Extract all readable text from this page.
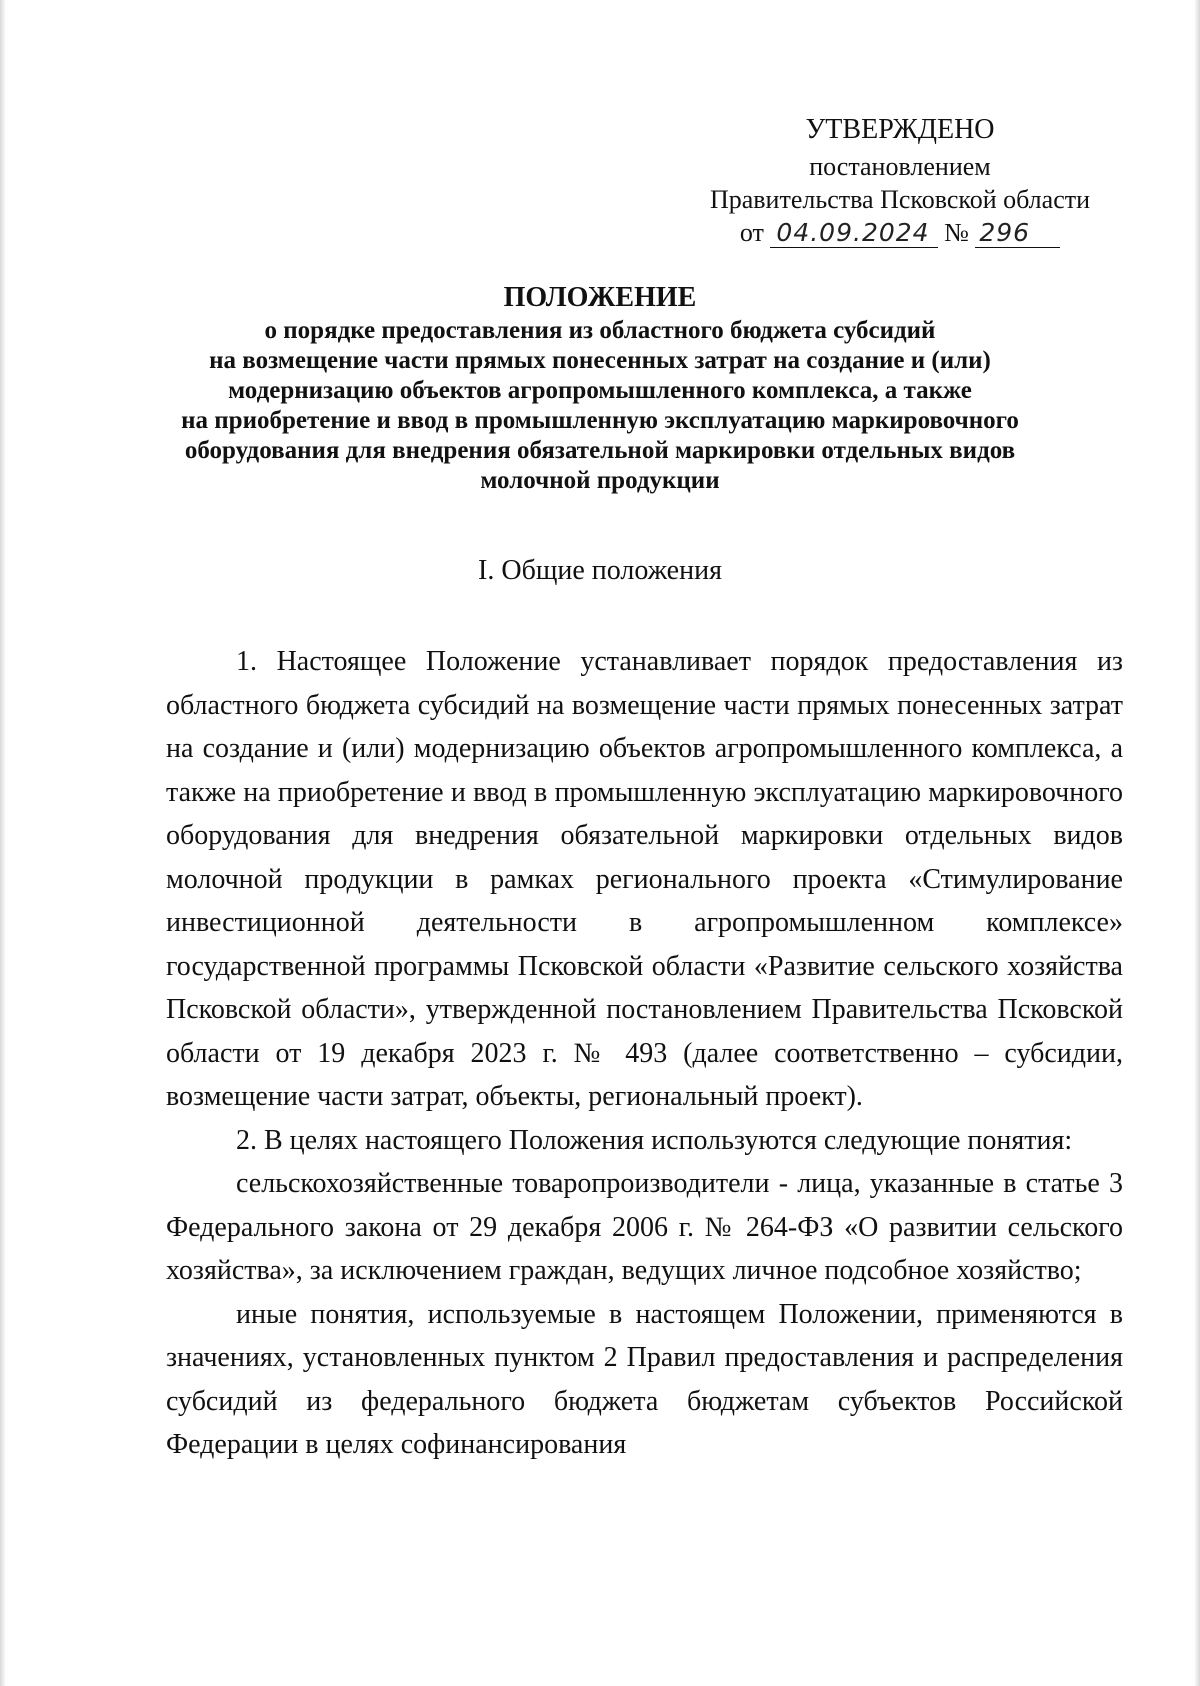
УТВЕРЖДЕНО
постановлением
Правительства Псковской области
от 04.09.2024 № 296
ПОЛОЖЕНИЕ
о порядке предоставления из областного бюджета субсидий
на возмещение части прямых понесенных затрат на создание и (или)
модернизацию объектов агропромышленного комплекса, а также
на приобретение и ввод в промышленную эксплуатацию маркировочного
оборудования для внедрения обязательной маркировки отдельных видов
молочной продукции
I. Общие положения

1. Настоящее Положение устанавливает порядок предоставления из областного бюджета субсидий на возмещение части прямых понесенных затрат на создание и (или) модернизацию объектов агропромышленного комплекса, а также на приобретение и ввод в промышленную эксплуатацию маркировочного оборудования для внедрения обязательной маркировки отдельных видов молочной продукции в рамках регионального проекта «Стимулирование инвестиционной деятельности в агропромышленном комплексе» государственной программы Псковской области «Развитие сельского хозяйства Псковской области», утвержденной постановлением Правительства Псковской области от 19 декабря 2023 г. № 493 (далее соответственно – субсидии, возмещение части затрат, объекты, региональный проект).

2. В целях настоящего Положения используются следующие понятия:

сельскохозяйственные товаропроизводители - лица, указанные в статье 3 Федерального закона от 29 декабря 2006 г. № 264-ФЗ «О развитии сельского хозяйства», за исключением граждан, ведущих личное подсобное хозяйство;

иные понятия, используемые в настоящем Положении, применяются в значениях, установленных пунктом 2 Правил предоставления и распределения субсидий из федерального бюджета бюджетам субъектов Российской Федерации в целях софинансирования
